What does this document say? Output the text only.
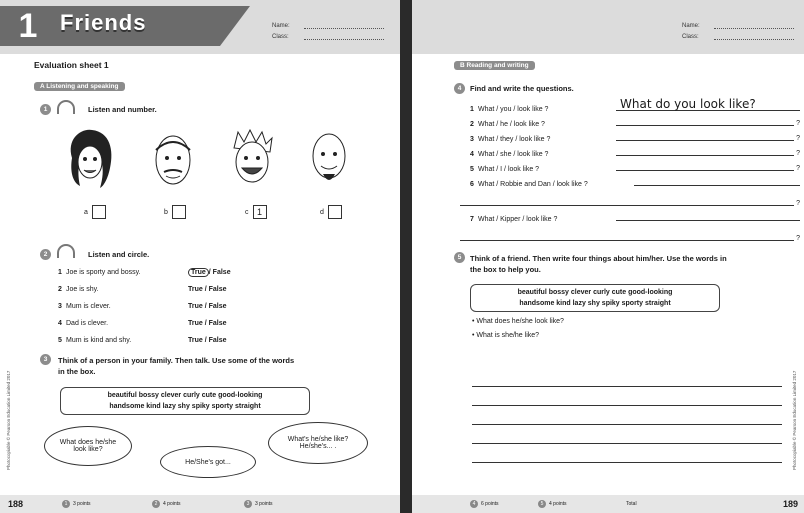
1	Friends	Name:
Class:
Evaluation sheet 1
A Listening and speaking
1	Listen and number.
a	b	c 1	d
2	Listen and circle.
1 Joe is sporty and bossy.	True / False
2 Joe is shy.	True / False
3 Mum is clever.	True / False
4 Dad is clever.	True / False
5 Mum is kind and shy.	True / False
3	Think of a person in your family. Then talk. Use some of the words
in the box.
beautiful bossy clever curly cute good-looking
handsome kind lazy shy spiky sporty straight
What does he/she look like?
He/She's got...
What's he/she like? He/she's... .
Photocopiable © Pearson Education Limited 2017
188	1	3 points	2	4 points	3	3 points
Name:
Class:
B Reading and writing
4	Find and write the questions.
1 What / you / look like ?	What do you look like?
2 What / he / look like ?	?
3 What / they / look like ?	?
4 What / she / look like ?	?
5 What / I / look like ?	?
6 What / Robbie and Dan / look like ?
?
7 What / Kipper / look like ?
?
5	Think of a friend. Then write four things about him/her. Use the words in
the box to help you.
beautiful bossy clever curly cute good-looking
handsome kind lazy shy spiky sporty straight
• What does he/she look like?
• What is she/he like?
Photocopiable © Pearson Education Limited 2017
4	6 points	5	4 points	Total	189
